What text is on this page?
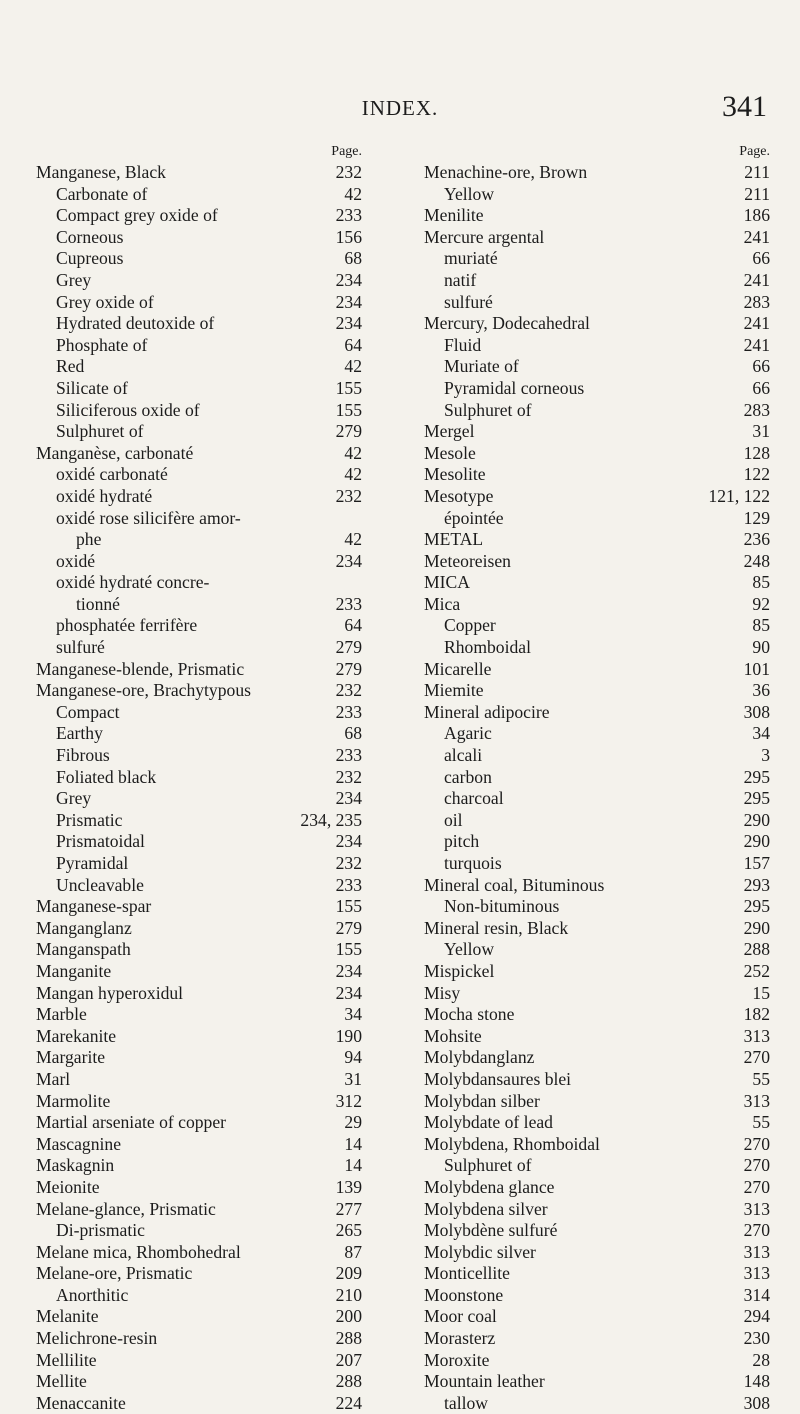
INDEX.	341
Page.
Manganese, Black	232
Carbonate of	42
Compact grey oxide of	233
Corneous	156
Cupreous	68
Grey	234
Grey oxide of	234
Hydrated deutoxide of	234
Phosphate of	64
Red	42
Silicate of	155
Siliciferous oxide of	155
Sulphuret of	279
Manganèse, carbonaté	42
oxidé carbonaté	42
oxidé hydraté	232
oxidé rose silicifère amor-
phe	42
oxidé	234
oxidé hydraté concre-
tionné	233
phosphatée ferrifère	64
sulfuré	279
Manganese-blende, Prismatic	279
Manganese-ore, Brachytypous	232
Compact	233
Earthy	68
Fibrous	233
Foliated black	232
Grey	234
Prismatic	234, 235
Prismatoidal	234
Pyramidal	232
Uncleavable	233
Manganese-spar	155
Manganglanz	279
Manganspath	155
Manganite	234
Mangan hyperoxidul	234
Marble	34
Marekanite	190
Margarite	94
Marl	31
Marmolite	312
Martial arseniate of copper	29
Mascagnine	14
Maskagnin	14
Meionite	139
Melane-glance, Prismatic	277
Di-prismatic	265
Melane mica, Rhombohedral	87
Melane-ore, Prismatic	209
Anorthitic	210
Melanite	200
Melichrone-resin	288
Mellilite	207
Mellite	288
Menaccanite	224
Page.
Menachine-ore, Brown	211
Yellow	211
Menilite	186
Mercure argental	241
muriaté	66
natif	241
sulfuré	283
Mercury, Dodecahedral	241
Fluid	241
Muriate of	66
Pyramidal corneous	66
Sulphuret of	283
Mergel	31
Mesole	128
Mesolite	122
Mesotype	121, 122
épointée	129
METAL	236
Meteoreisen	248
MICA	85
Mica	92
Copper	85
Rhomboidal	90
Micarelle	101
Miemite	36
Mineral adipocire	308
Agaric	34
alcali	3
carbon	295
charcoal	295
oil	290
pitch	290
turquois	157
Mineral coal, Bituminous	293
Non-bituminous	295
Mineral resin, Black	290
Yellow	288
Mispickel	252
Misy	15
Mocha stone	182
Mohsite	313
Molybdanglanz	270
Molybdansaures blei	55
Molybdan silber	313
Molybdate of lead	55
Molybdena, Rhomboidal	270
Sulphuret of	270
Molybdena glance	270
Molybdena silver	313
Molybdène sulfuré	270
Molybdic silver	313
Monticellite	313
Moonstone	314
Moor coal	294
Morasterz	230
Moroxite	28
Mountain leather	148
tallow	308
